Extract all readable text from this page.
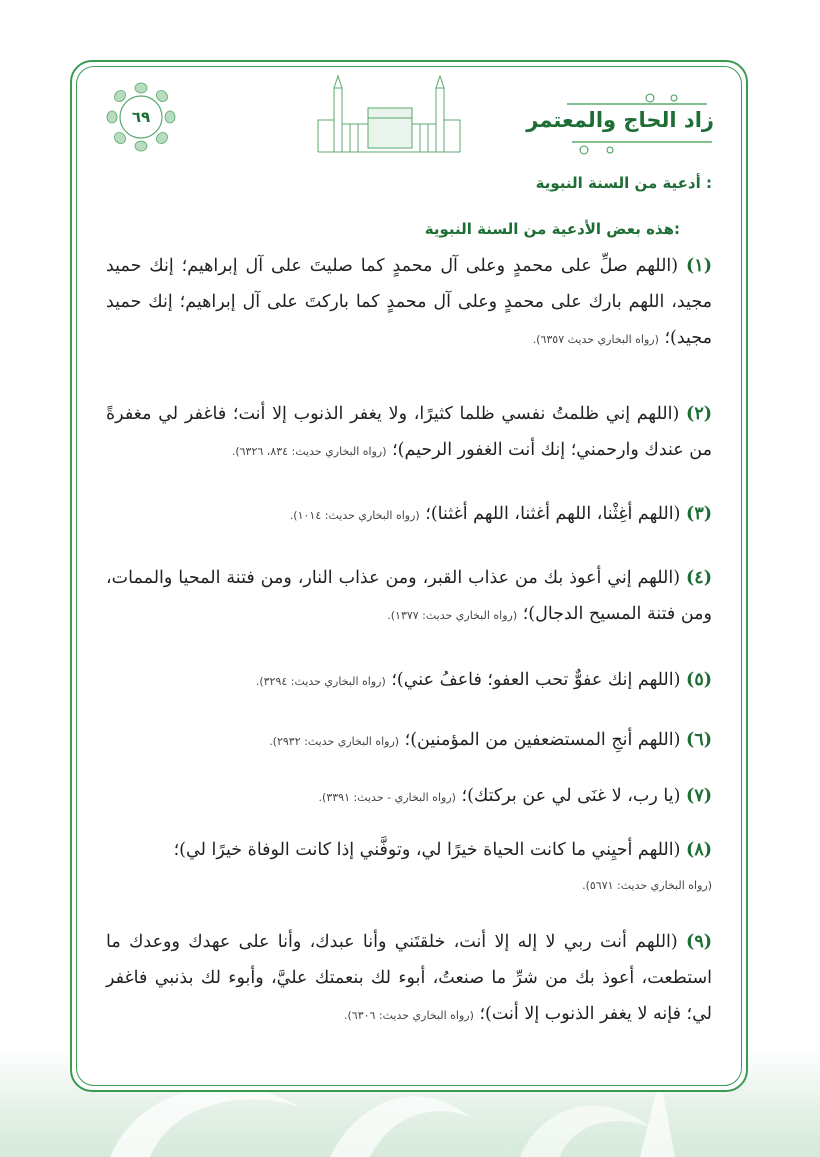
زاد الحاج والمعتمر
٦٩
أدعية من السنة النبوية :
هذه بعض الأدعية من السنة النبوية:
(١) (اللهم صلِّ على محمدٍ وعلى آل محمدٍ كما صليتَ على آل إبراهيم؛ إنك حميد مجيد، اللهم بارك على محمدٍ وعلى آل محمدٍ كما باركتَ على آل إبراهيم؛ إنك حميد مجيد)؛ (رواه البخاري حديث ٦٣٥٧).
(٢) (اللهم إني ظلمتُ نفسي ظلما كثيرًا، ولا يغفر الذنوب إلا أنت؛ فاغفر لي مغفرةً من عندك وارحمني؛ إنك أنت الغفور الرحيم)؛ (رواه البخاري حديث: ٨٣٤، ٦٣٢٦).
(٣) (اللهم أغِثْنا، اللهم أغثنا، اللهم أغثنا)؛ (رواه البخاري حديث: ١٠١٤).
(٤) (اللهم إني أعوذ بك من عذاب القبر، ومن عذاب النار، ومن فتنة المحيا والممات، ومن فتنة المسيح الدجال)؛ (رواه البخاري حديث: ١٣٧٧).
(٥) (اللهم إنك عفوٌّ تحب العفو؛ فاعفُ عني)؛ (رواه البخاري حديث: ٣٢٩٤).
(٦) (اللهم أنجِ المستضعفين من المؤمنين)؛ (رواه البخاري حديث: ٢٩٣٢).
(٧) (يا رب، لا غنَى لي عن بركتك)؛ (رواه البخاري - حديث: ٣٣٩١).
(٨) (اللهم أحيِني ما كانت الحياة خيرًا لي، وتوفَّني إذا كانت الوفاة خيرًا لي)؛
(رواه البخاري حديث: ٥٦٧١).
(٩) (اللهم أنت ربي لا إله إلا أنت، خلقتَني وأنا عبدك، وأنا على عهدك ووعدك ما استطعت، أعوذ بك من شرِّ ما صنعتُ، أبوء لك بنعمتك عليَّ، وأبوء لك بذنبي فاغفر لي؛ فإنه لا يغفر الذنوب إلا أنت)؛ (رواه البخاري حديث: ٦٣٠٦).
